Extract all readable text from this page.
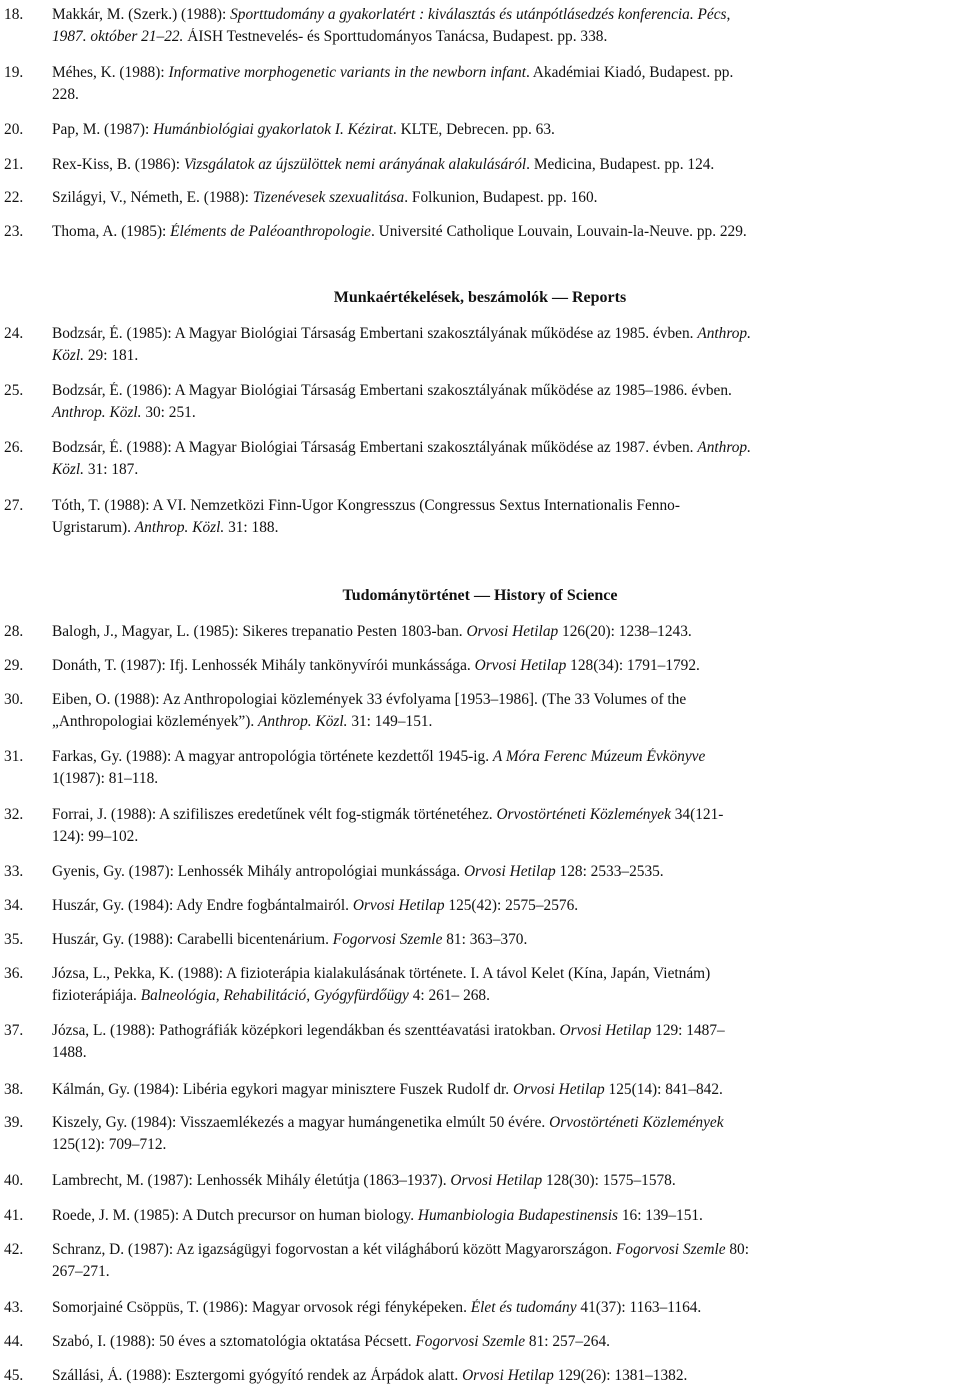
18.	Makkár, M. (Szerk.) (1988): Sporttudomány a gyakorlatért : kiválasztás és utánpótlásedzés konferencia. Pécs,
1987. október 21–22. ÁISH Testnevelés- és Sporttudományos Tanácsa, Budapest. pp. 338.
19.	Méhes, K. (1988): Informative morphogenetic variants in the newborn infant. Akadémiai Kiadó, Budapest. pp.
228.
20.	Pap, M. (1987): Humánbiológiai gyakorlatok I. Kézirat. KLTE, Debrecen. pp. 63.
21.	Rex-Kiss, B. (1986): Vizsgálatok az újszülöttek nemi arányának alakulásáról. Medicina, Budapest. pp. 124.
22.	Szilágyi, V., Németh, E. (1988): Tizenévesek szexualitása. Folkunion, Budapest. pp. 160.
23.	Thoma, A. (1985): Éléments de Paléoanthropologie. Université Catholique Louvain, Louvain-la-Neuve. pp. 229.
Munkaértékelések, beszámolók — Reports
24.	Bodzsár, É. (1985): A Magyar Biológiai Társaság Embertani szakosztályának működése az 1985. évben. Anthrop.
Közl. 29: 181.
25.	Bodzsár, É. (1986): A Magyar Biológiai Társaság Embertani szakosztályának működése az 1985–1986. évben.
Anthrop. Közl. 30: 251.
26.	Bodzsár, É. (1988): A Magyar Biológiai Társaság Embertani szakosztályának működése az 1987. évben. Anthrop.
Közl. 31: 187.
27.	Tóth, T. (1988): A VI. Nemzetközi Finn-Ugor Kongresszus (Congressus Sextus Internationalis Fenno-
Ugristarum). Anthrop. Közl. 31: 188.
Tudománytörténet — History of Science
28.	Balogh, J., Magyar, L. (1985): Sikeres trepanatio Pesten 1803-ban. Orvosi Hetilap 126(20): 1238–1243.
29.	Donáth, T. (1987): Ifj. Lenhossék Mihály tankönyvírói munkássága. Orvosi Hetilap 128(34): 1791–1792.
30.	Eiben, O. (1988): Az Anthropologiai közlemények 33 évfolyama [1953–1986]. (The 33 Volumes of the
„Anthropologiai közlemények”). Anthrop. Közl. 31: 149–151.
31.	Farkas, Gy. (1988): A magyar antropológia története kezdettől 1945-ig. A Móra Ferenc Múzeum Évkönyve
1(1987): 81–118.
32.	Forrai, J. (1988): A szifiliszes eredetűnek vélt fog-stigmák történetéhez. Orvostörténeti Közlemények 34(121-
124): 99–102.
33.	Gyenis, Gy. (1987): Lenhossék Mihály antropológiai munkássága. Orvosi Hetilap 128: 2533–2535.
34.	Huszár, Gy. (1984): Ady Endre fogbántalmairól. Orvosi Hetilap 125(42): 2575–2576.
35.	Huszár, Gy. (1988): Carabelli bicentenárium. Fogorvosi Szemle 81: 363–370.
36.	Józsa, L., Pekka, K. (1988): A fizioterápia kialakulásának története. I. A távol Kelet (Kína, Japán, Vietnám)
fizioterápiája. Balneológia, Rehabilitáció, Gyógyfürdőügy 4: 261– 268.
37.	Józsa, L. (1988): Pathográfiák középkori legendákban és szenttéavatási iratokban. Orvosi Hetilap 129: 1487–
1488.
38.	Kálmán, Gy. (1984): Libéria egykori magyar minisztere Fuszek Rudolf dr. Orvosi Hetilap 125(14): 841–842.
39.	Kiszely, Gy. (1984): Visszaemlékezés a magyar humángenetika elmúlt 50 évére. Orvostörténeti Közlemények
125(12): 709–712.
40.	Lambrecht, M. (1987): Lenhossék Mihály életútja (1863–1937). Orvosi Hetilap 128(30): 1575–1578.
41.	Roede, J. M. (1985): A Dutch precursor on human biology. Humanbiologia Budapestinensis 16: 139–151.
42.	Schranz, D. (1987): Az igazságügyi fogorvostan a két világháború között Magyarországon. Fogorvosi Szemle 80:
267–271.
43.	Somorjainé Csöppüs, T. (1986): Magyar orvosok régi fényképeken. Élet és tudomány 41(37): 1163–1164.
44.	Szabó, I. (1988): 50 éves a sztomatológia oktatása Pécsett. Fogorvosi Szemle 81: 257–264.
45.	Szállási, Á. (1988): Esztergomi gyógyító rendek az Árpádok alatt. Orvosi Hetilap 129(26): 1381–1382.
